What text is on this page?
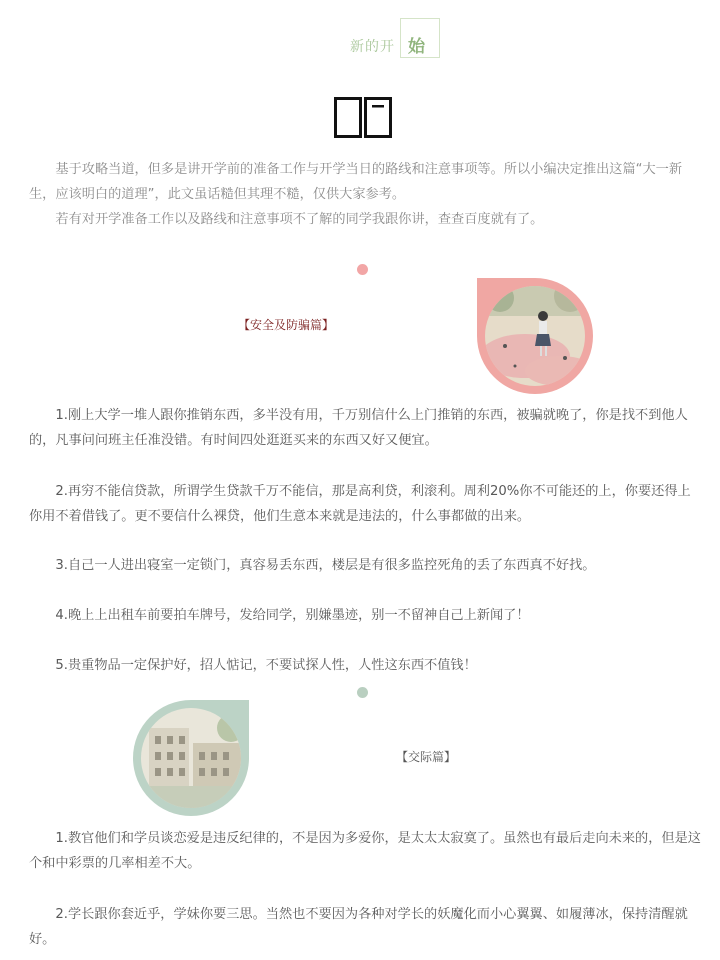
新的开 始

基于攻略当道，但多是讲开学前的准备工作与开学当日的路线和注意事项等。所以小编决定推出这篇“大一新生，应该明白的道理”，此文虽话糙但其理不糙，仅供大家参考。

若有对开学准备工作以及路线和注意事项不了解的同学我跟你讲，查查百度就有了。

【安全及防骗篇】

1.刚上大学一堆人跟你推销东西，多半没有用，千万别信什么上门推销的东西，被骗就晚了，你是找不到他人的，凡事问问班主任准没错。有时间四处逛逛买来的东西又好又便宜。

2.再穷不能信贷款，所谓学生贷款千万不能信，那是高利贷，利滚利。周利20%你不可能还的上，你要还得上你用不着借钱了。更不要信什么裸贷，他们生意本来就是违法的，什么事都做的出来。

3.自己一人进出寝室一定锁门，真容易丢东西，楼层是有很多监控死角的丢了东西真不好找。

4.晚上上出租车前要拍车牌号，发给同学，别嫌墨迹，别一不留神自己上新闻了！

5.贵重物品一定保护好，招人惦记，不要试探人性，人性这东西不值钱！

【交际篇】

1.教官他们和学员谈恋爱是违反纪律的，不是因为多爱你，是太太太寂寞了。虽然也有最后走向未来的，但是这个和中彩票的几率相差不大。

2.学长跟你套近乎，学妹你要三思。当然也不要因为各种对学长的妖魔化而小心翼翼、如履薄冰，保持清醒就好。
